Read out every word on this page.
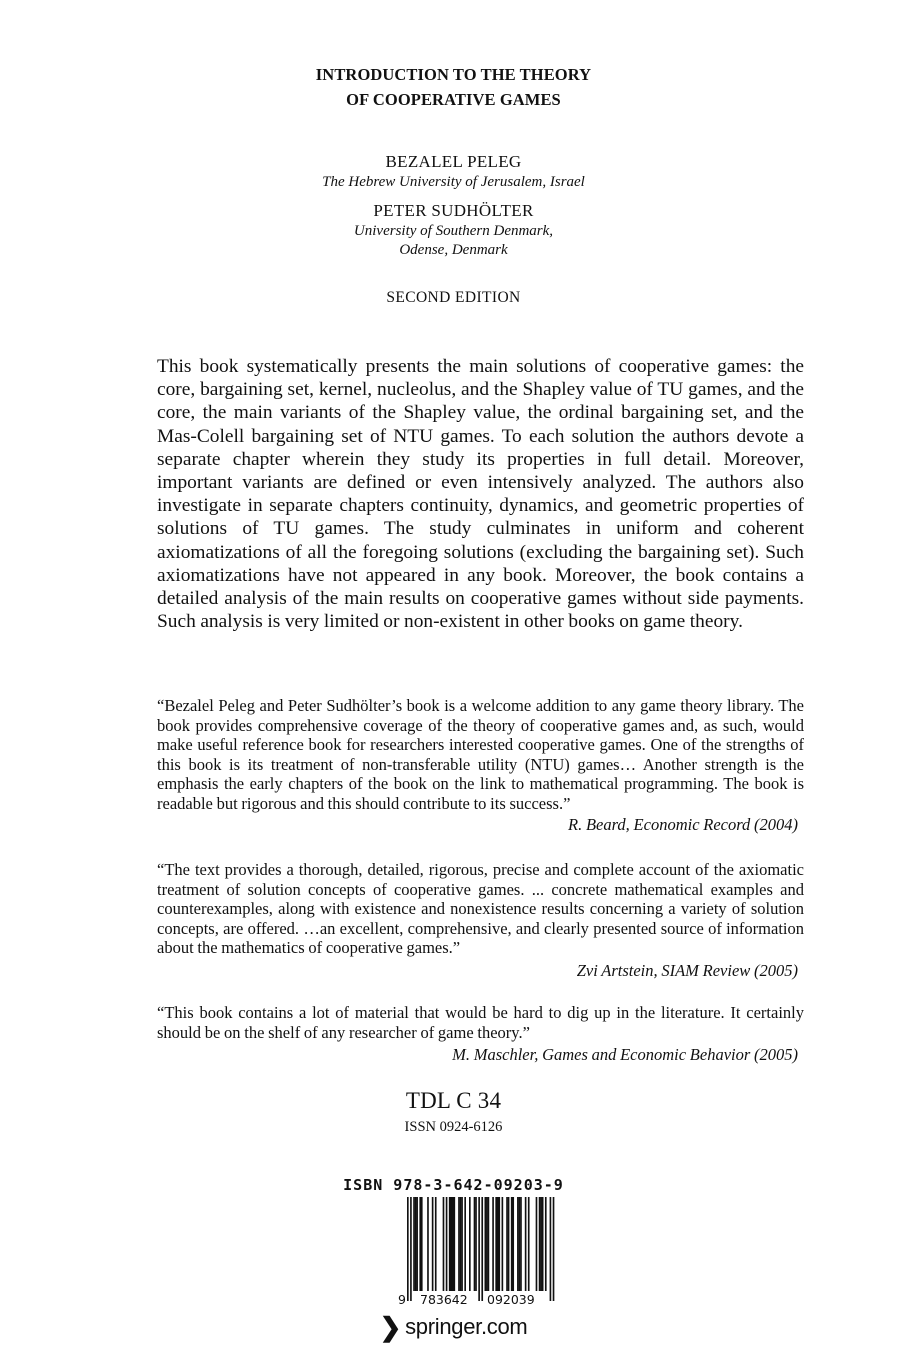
INTRODUCTION TO THE THEORY
OF COOPERATIVE GAMES
BEZALEL PELEG
The Hebrew University of Jerusalem, Israel
PETER SUDHÖLTER
University of Southern Denmark,
Odense, Denmark
SECOND EDITION

This book systematically presents the main solutions of cooperative games: the core, bargaining set, kernel, nucleolus, and the Shapley value of TU games, and the core, the main variants of the Shapley value, the ordinal bargaining set, and the Mas-Colell bargaining set of NTU games. To each solution the authors devote a separate chapter wherein they study its properties in full detail. Moreover, important variants are defined or even intensively analyzed. The authors also investigate in separate chapters continuity, dynamics, and geometric properties of solutions of TU games. The study culminates in uniform and coherent axiomatizations of all the foregoing solutions (excluding the bargaining set). Such axiomatizations have not appeared in any book. Moreover, the book contains a detailed analysis of the main results on cooperative games without side payments. Such analysis is very limited or non-existent in other books on game theory.

“Bezalel Peleg and Peter Sudhölter’s book is a welcome addition to any game theory library. The book provides comprehensive coverage of the theory of cooperative games and, as such, would make useful reference book for researchers interested cooperative games. One of the strengths of this book is its treatment of non-transferable utility (NTU) games… Another strength is the emphasis the early chapters of the book on the link to mathematical programming. The book is readable but rigorous and this should contribute to its success.”
R. Beard, Economic Record (2004)
“The text provides a thorough, detailed, rigorous, precise and complete account of the axiomatic treatment of solution concepts of cooperative games. ... concrete mathematical examples and counterexamples, along with existence and nonexistence results concerning a variety of solution concepts, are offered. …an excellent, comprehensive, and clearly presented source of information about the mathematics of cooperative games.”
Zvi Artstein, SIAM Review (2005)
“This book contains a lot of material that would be hard to dig up in the literature. It certainly should be on the shelf of any researcher of game theory.”
M. Maschler, Games and Economic Behavior (2005)
TDL C 34
ISSN 0924-6126
ISBN 978-3-642-09203-9
9 783642 092039
❯ springer.com
